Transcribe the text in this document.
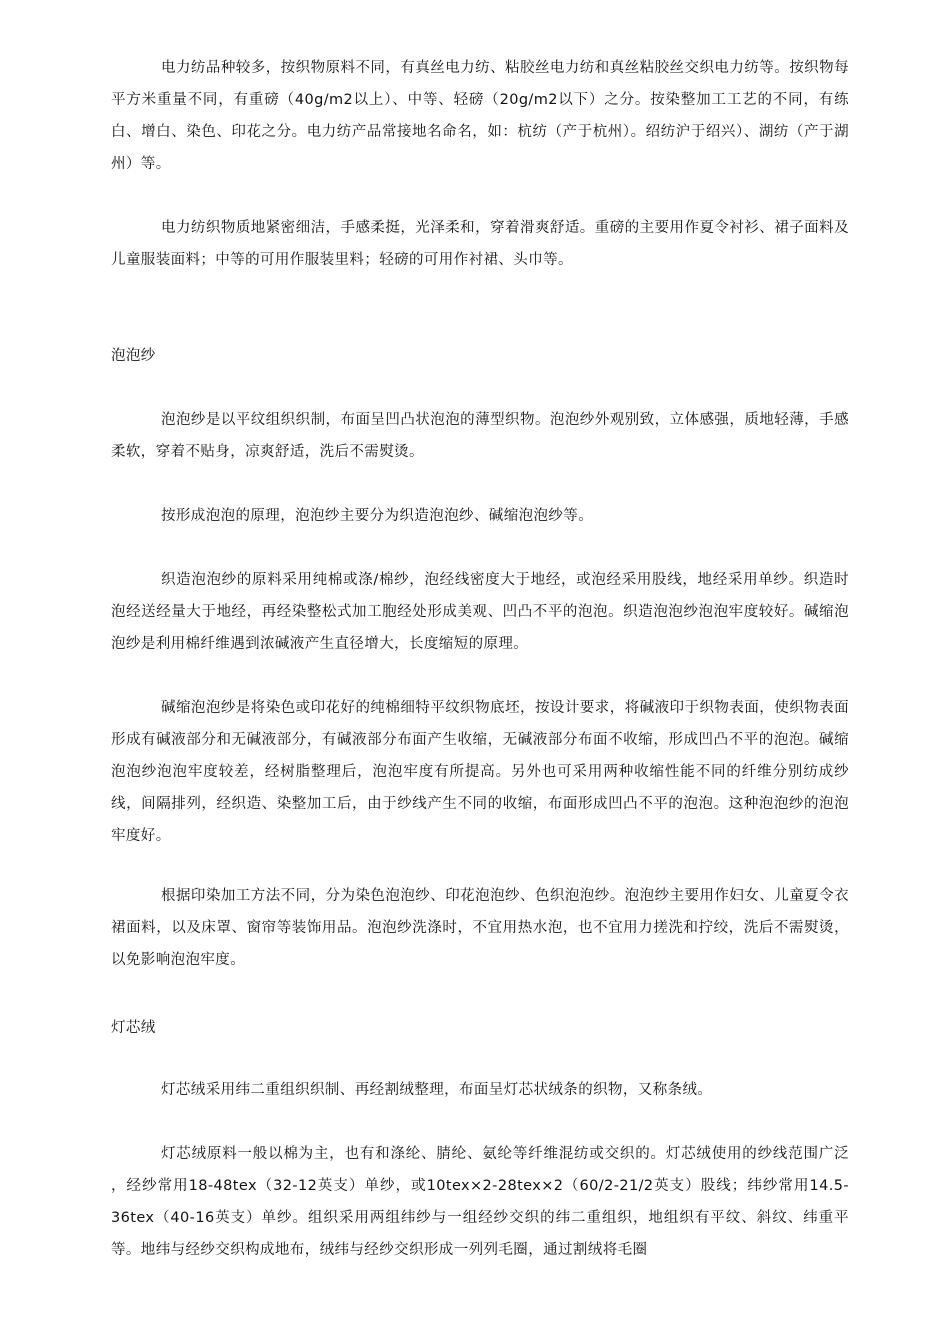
电力纺品种较多，按织物原料不同，有真丝电力纺、粘胶丝电力纺和真丝粘胶丝交织电力纺等。按织物每平方米重量不同，有重磅（40g/m2以上）、中等、轻磅（20g/m2以下）之分。按染整加工工艺的不同，有练白、增白、染色、印花之分。电力纺产品常接地名命名，如：杭纺（产于杭州）。绍纺沪于绍兴）、湖纺（产于湖州）等。

电力纺织物质地紧密细洁，手感柔挺，光泽柔和，穿着滑爽舒适。重磅的主要用作夏令衬衫、裙子面料及儿童服装面料；中等的可用作服装里料；轻磅的可用作衬裙、头巾等。

泡泡纱

泡泡纱是以平纹组织织制，布面呈凹凸状泡泡的薄型织物。泡泡纱外观别致，立体感强，质地轻薄，手感柔软，穿着不贴身，凉爽舒适，洗后不需熨烫。

按形成泡泡的原理，泡泡纱主要分为织造泡泡纱、碱缩泡泡纱等。

织造泡泡纱的原料采用纯棉或涤/棉纱，泡经线密度大于地经，或泡经采用股线，地经采用单纱。织造时泡经送经量大于地经，再经染整松式加工胞经处形成美观、凹凸不平的泡泡。织造泡泡纱泡泡牢度较好。碱缩泡泡纱是利用棉纤维遇到浓碱液产生直径增大，长度缩短的原理。

碱缩泡泡纱是将染色或印花好的纯棉细特平纹织物底坯，按设计要求，将碱液印于织物表面，使织物表面形成有碱液部分和无碱液部分，有碱液部分布面产生收缩，无碱液部分布面不收缩，形成凹凸不平的泡泡。碱缩泡泡纱泡泡牢度较差，经树脂整理后，泡泡牢度有所提高。另外也可采用两种收缩性能不同的纤维分别纺成纱线，间隔排列，经织造、染整加工后，由于纱线产生不同的收缩，布面形成凹凸不平的泡泡。这种泡泡纱的泡泡牢度好。

根据印染加工方法不同，分为染色泡泡纱、印花泡泡纱、色织泡泡纱。泡泡纱主要用作妇女、儿童夏令衣裙面料，以及床罩、窗帘等装饰用品。泡泡纱洗涤时，不宜用热水泡，也不宜用力搓洗和拧绞，洗后不需熨烫，以免影响泡泡牢度。

灯芯绒

灯芯绒采用纬二重组织织制、再经割绒整理，布面呈灯芯状绒条的织物，又称条绒。

灯芯绒原料一般以棉为主，也有和涤纶、腈纶、氨纶等纤维混纺或交织的。灯芯绒使用的纱线范围广泛 ，经纱常用18-48tex（32-12英支）单纱，或10tex×2-28tex×2（60/2-21/2英支）股线；纬纱常用14.5-36tex（40-16英支）单纱。组织采用两组纬纱与一组经纱交织的纬二重组织，地组织有平纹、斜纹、纬重平等。地纬与经纱交织构成地布，绒纬与经纱交织形成一列列毛圈，通过割绒将毛圈
